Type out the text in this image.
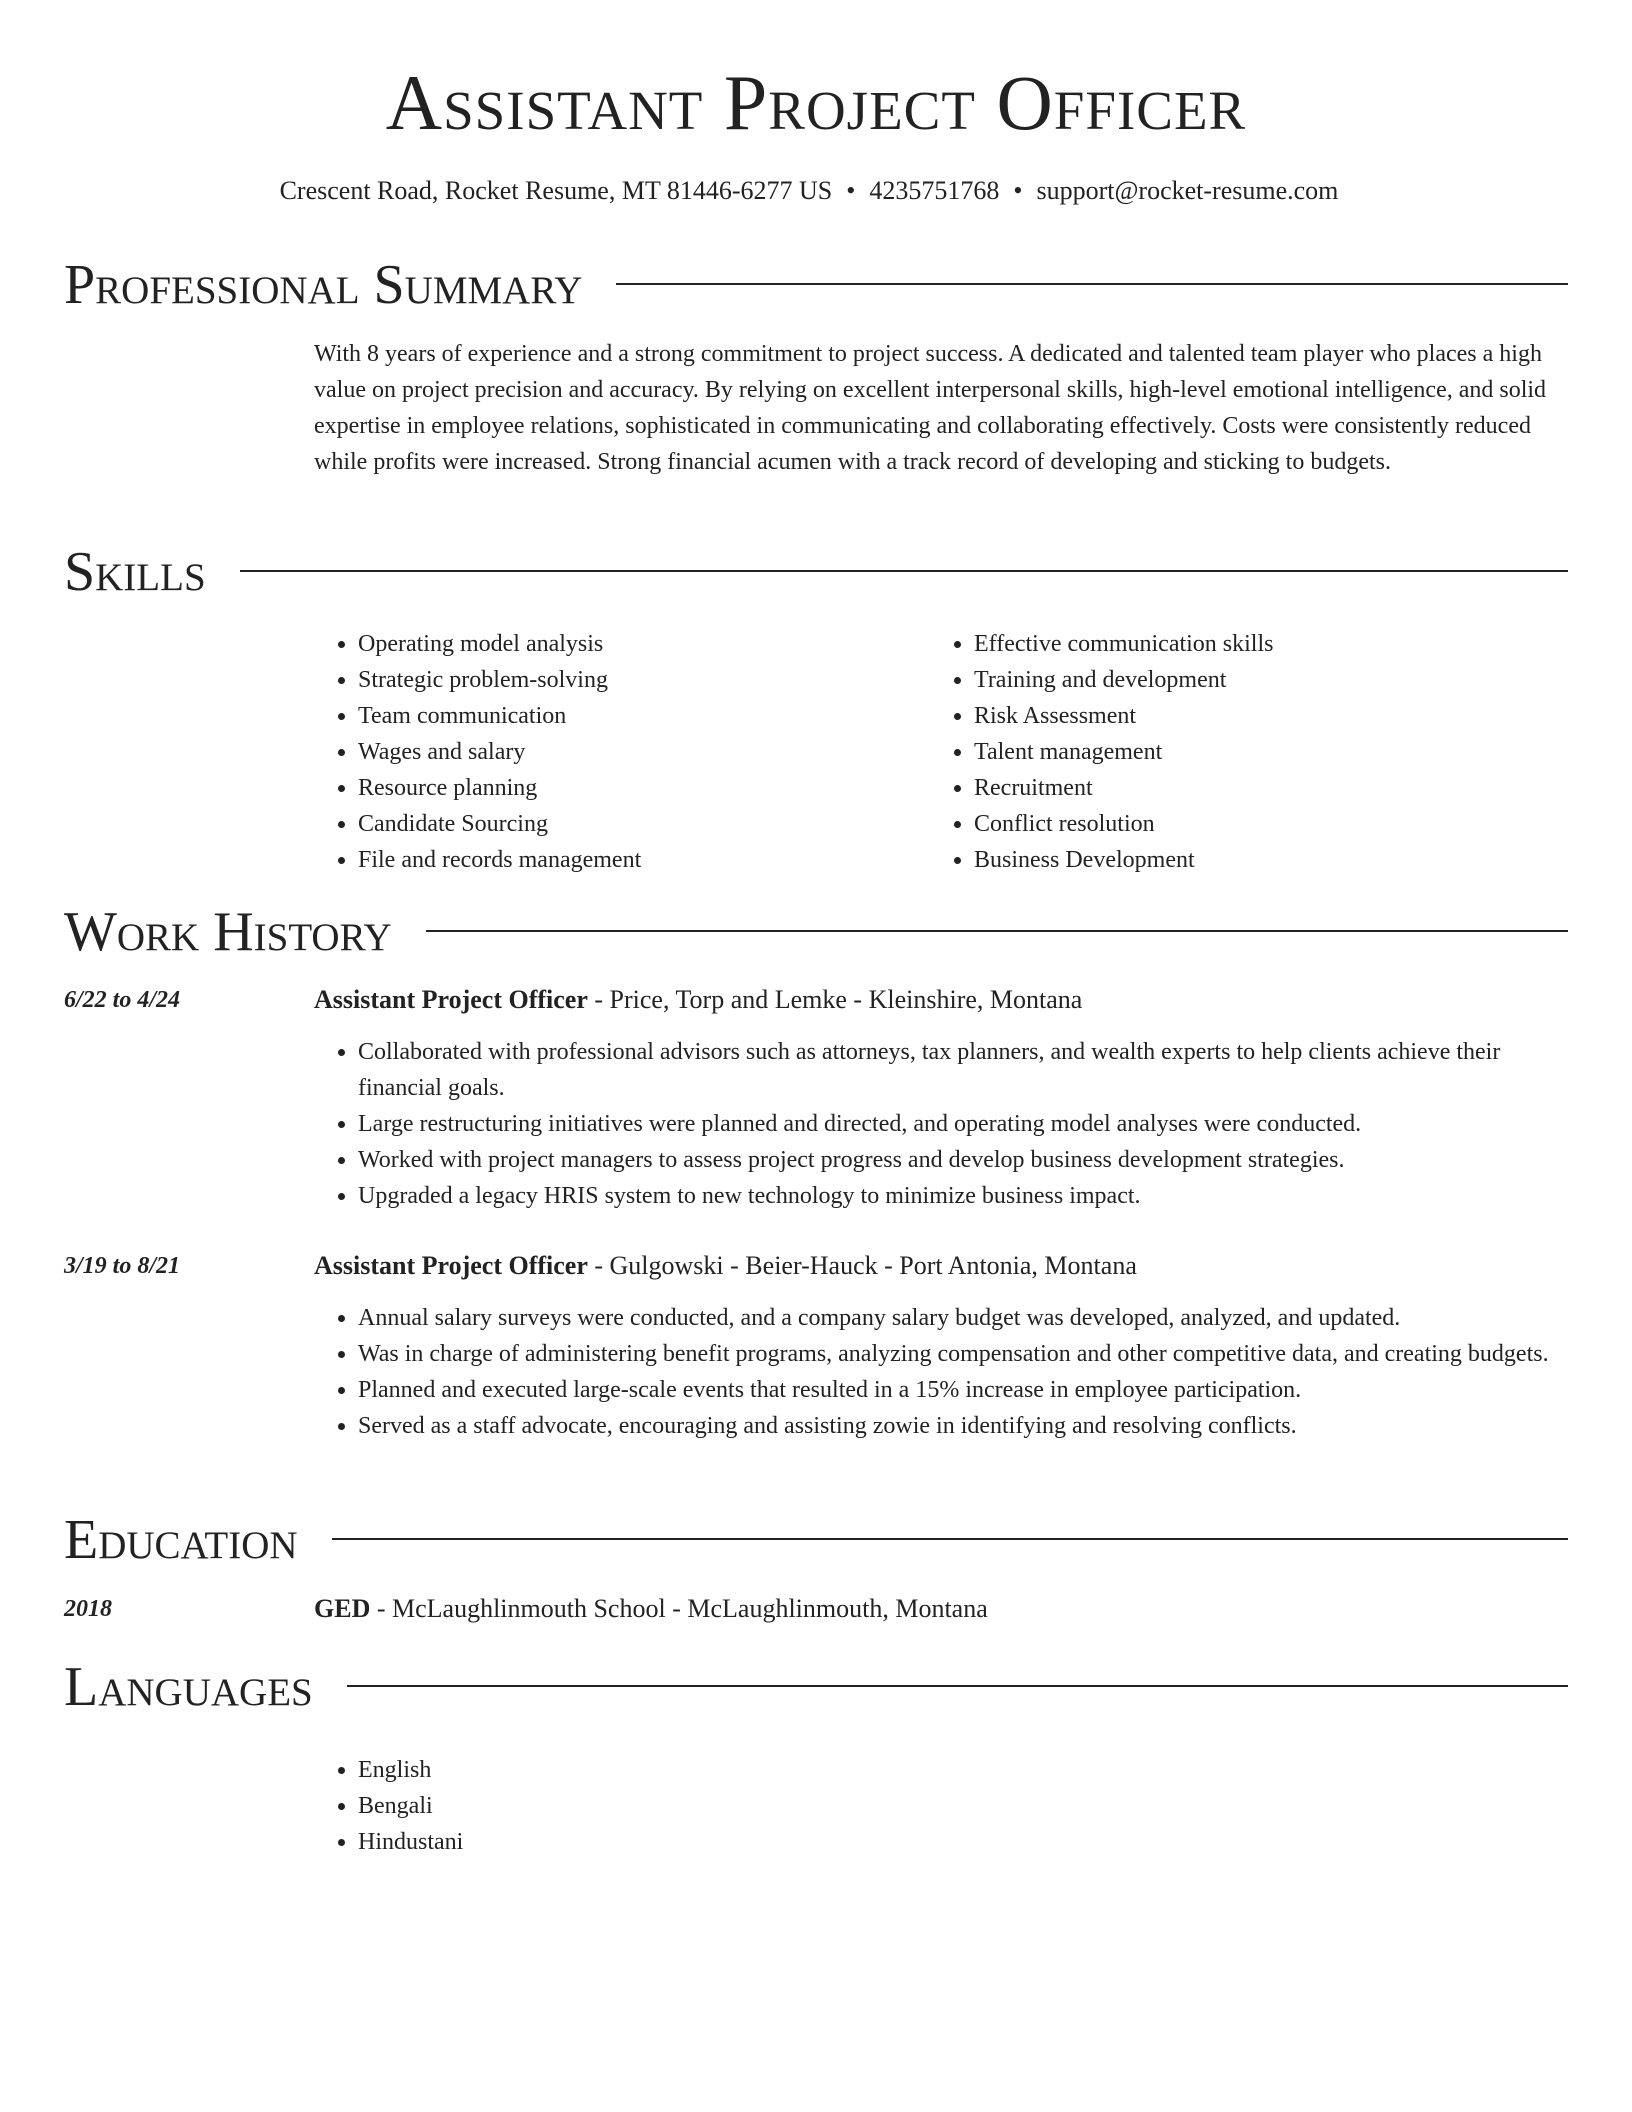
Assistant Project Officer
Crescent Road, Rocket Resume, MT 81446-6277 US • 4235751768 • support@rocket-resume.com
Professional Summary
With 8 years of experience and a strong commitment to project success. A dedicated and talented team player who places a high value on project precision and accuracy. By relying on excellent interpersonal skills, high-level emotional intelligence, and solid expertise in employee relations, sophisticated in communicating and collaborating effectively. Costs were consistently reduced while profits were increased. Strong financial acumen with a track record of developing and sticking to budgets.
Skills
• Operating model analysis
• Strategic problem-solving
• Team communication
• Wages and salary
• Resource planning
• Candidate Sourcing
• File and records management
• Effective communication skills
• Training and development
• Risk Assessment
• Talent management
• Recruitment
• Conflict resolution
• Business Development
Work History
6/22 to 4/24	Assistant Project Officer - Price, Torp and Lemke - Kleinshire, Montana
• Collaborated with professional advisors such as attorneys, tax planners, and wealth experts to help clients achieve their financial goals.
• Large restructuring initiatives were planned and directed, and operating model analyses were conducted.
• Worked with project managers to assess project progress and develop business development strategies.
• Upgraded a legacy HRIS system to new technology to minimize business impact.
3/19 to 8/21	Assistant Project Officer - Gulgowski - Beier-Hauck - Port Antonia, Montana
• Annual salary surveys were conducted, and a company salary budget was developed, analyzed, and updated.
• Was in charge of administering benefit programs, analyzing compensation and other competitive data, and creating budgets.
• Planned and executed large-scale events that resulted in a 15% increase in employee participation.
• Served as a staff advocate, encouraging and assisting zowie in identifying and resolving conflicts.
Education
2018	GED - McLaughlinmouth School - McLaughlinmouth, Montana
Languages
• English
• Bengali
• Hindustani
